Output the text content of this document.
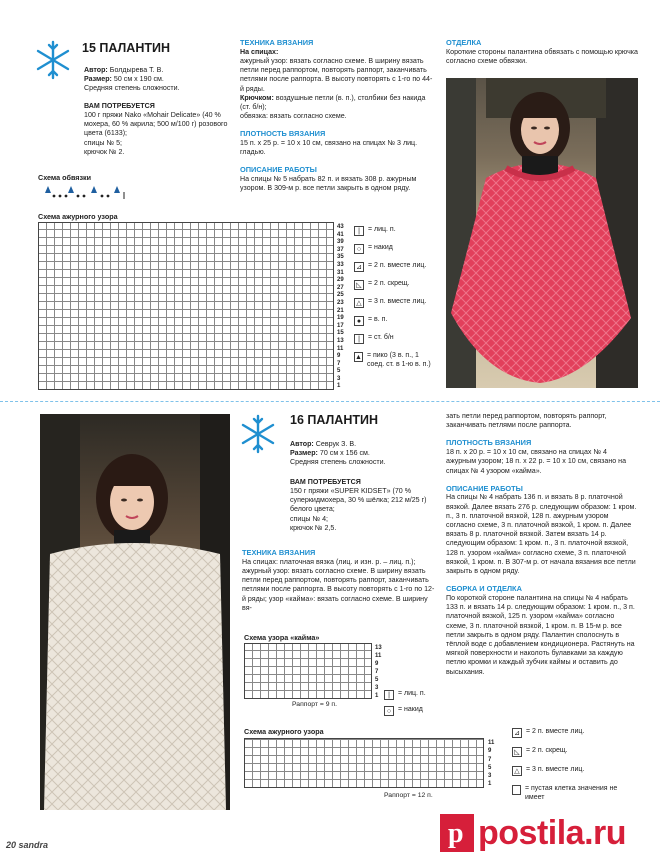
15 ПАЛАНТИН
Автор: Болдырева Т. В.
Размер: 50 см х 190 см.
Средняя степень сложности.
ВАМ ПОТРЕБУЕТСЯ
100 г пряжи Nako «Mohair Delicate» (40 % мохера, 60 % акрила; 500 м/100 г) розового цвета (6133);
спицы № 5;
крючок № 2.
Схема обвязки
Схема ажурного узора
43
41
39
37
35
33
31
29
27
25
23
21
19
17
15
13
11
9
7
5
3
1
|	= лиц. п.
○ = накид
⊿ = 2 п. вместе лиц.
◺ = 2 п. скрещ.
△ = 3 п. вместе лиц.
● = в. п.
|	= ст. б/н
▲ = пико (3 в. п., 1 соед. ст. в 1-ю в. п.)
ТЕХНИКА ВЯЗАНИЯ
На спицах:
ажурный узор: вязать согласно схеме. В ширину вязать петли перед раппортом, повторять раппорт, заканчивать петлями после раппорта. В высоту повторять с 1-го по 44-й ряды.
Крючком: воздушные петли (в. п.), столбики без накида (ст. б/н);
обвязка: вязать согласно схеме.
ПЛОТНОСТЬ ВЯЗАНИЯ
15 п. х 25 р. = 10 х 10 см, связано на спицах № 3 лиц. гладью.
ОПИСАНИЕ РАБОТЫ
На спицы № 5 набрать 82 п. и вязать 308 р. ажурным узором. В 309-м р. все петли закрыть в одном ряду.
ОТДЕЛКА
Короткие стороны палантина обвязать с помощью крючка согласно схеме обвязки.
16 ПАЛАНТИН
Автор: Севрук З. В.
Размер: 70 см х 156 см.
Средняя степень сложности.
ВАМ ПОТРЕБУЕТСЯ
150 г пряжи «SUPER KIDSET» (70 % суперкидмохера, 30 % шёлка; 212 м/25 г) белого цвета;
спицы № 4;
крючок № 2,5.
ТЕХНИКА ВЯЗАНИЯ
На спицах: платочная вязка (лиц. и изн. р. – лиц. п.); ажурный узор: вязать согласно схеме. В ширину вязать петли перед раппортом, повторять раппорт, заканчивать петлями после раппорта. В высоту повторять с 1-го по 12-й ряды; узор «кайма»: вязать согласно схеме. В ширину вя-
Схема узора «кайма»
13
11
9
7
5
3
1
Раппорт = 9 п.
|	= лиц. п.
○ = накид
Схема ажурного узора
11
9
7
5
3
1
Раппорт = 12 п.
⊿ = 2 п. вместе лиц.
◺ = 2 п. скрещ.
△ = 3 п. вместе лиц.
= пустая клетка значения не имеет
зать петли перед раппортом, повторять раппорт, заканчивать петлями после раппорта.
ПЛОТНОСТЬ ВЯЗАНИЯ
18 п. х 20 р. = 10 х 10 см, связано на спицах № 4 ажурным узором; 18 п. х 22 р. = 10 х 10 см, связано на спицах № 4 узором «кайма».
ОПИСАНИЕ РАБОТЫ
На спицы № 4 набрать 136 п. и вязать 8 р. платочной вязкой. Далее вязать 276 р. следующим образом: 1 кром. п., 3 п. платочной вязкой, 128 п. ажурным узором согласно схеме, 3 п. платочной вязкой, 1 кром. п. Далее вязать 8 р. платочной вязкой. Затем вязать 14 р. следующим образом: 1 кром. п., 3 п. платочной вязкой, 128 п. узором «кайма» согласно схеме, 3 п. платочной вязкой, 1 кром. п. В 307-м р. от начала вязания все петли закрыть в одном ряду.
СБОРКА И ОТДЕЛКА
По короткой стороне палантина на спицы № 4 набрать 133 п. и вязать 14 р. следующим образом: 1 кром. п., 3 п. платочной вязкой, 125 п. узором «кайма» согласно схеме, 3 п. платочной вязкой, 1 кром. п. В 15-м р. все петли закрыть в одном ряду. Палантин сполоснуть в тёплой воде с добавлением кондиционера. Растянуть на мягкой поверхности и наколоть булавками за каждую петлю кромки и каждый зубчик каймы и оставить до высыхания.
20 sandra	p postila.ru
